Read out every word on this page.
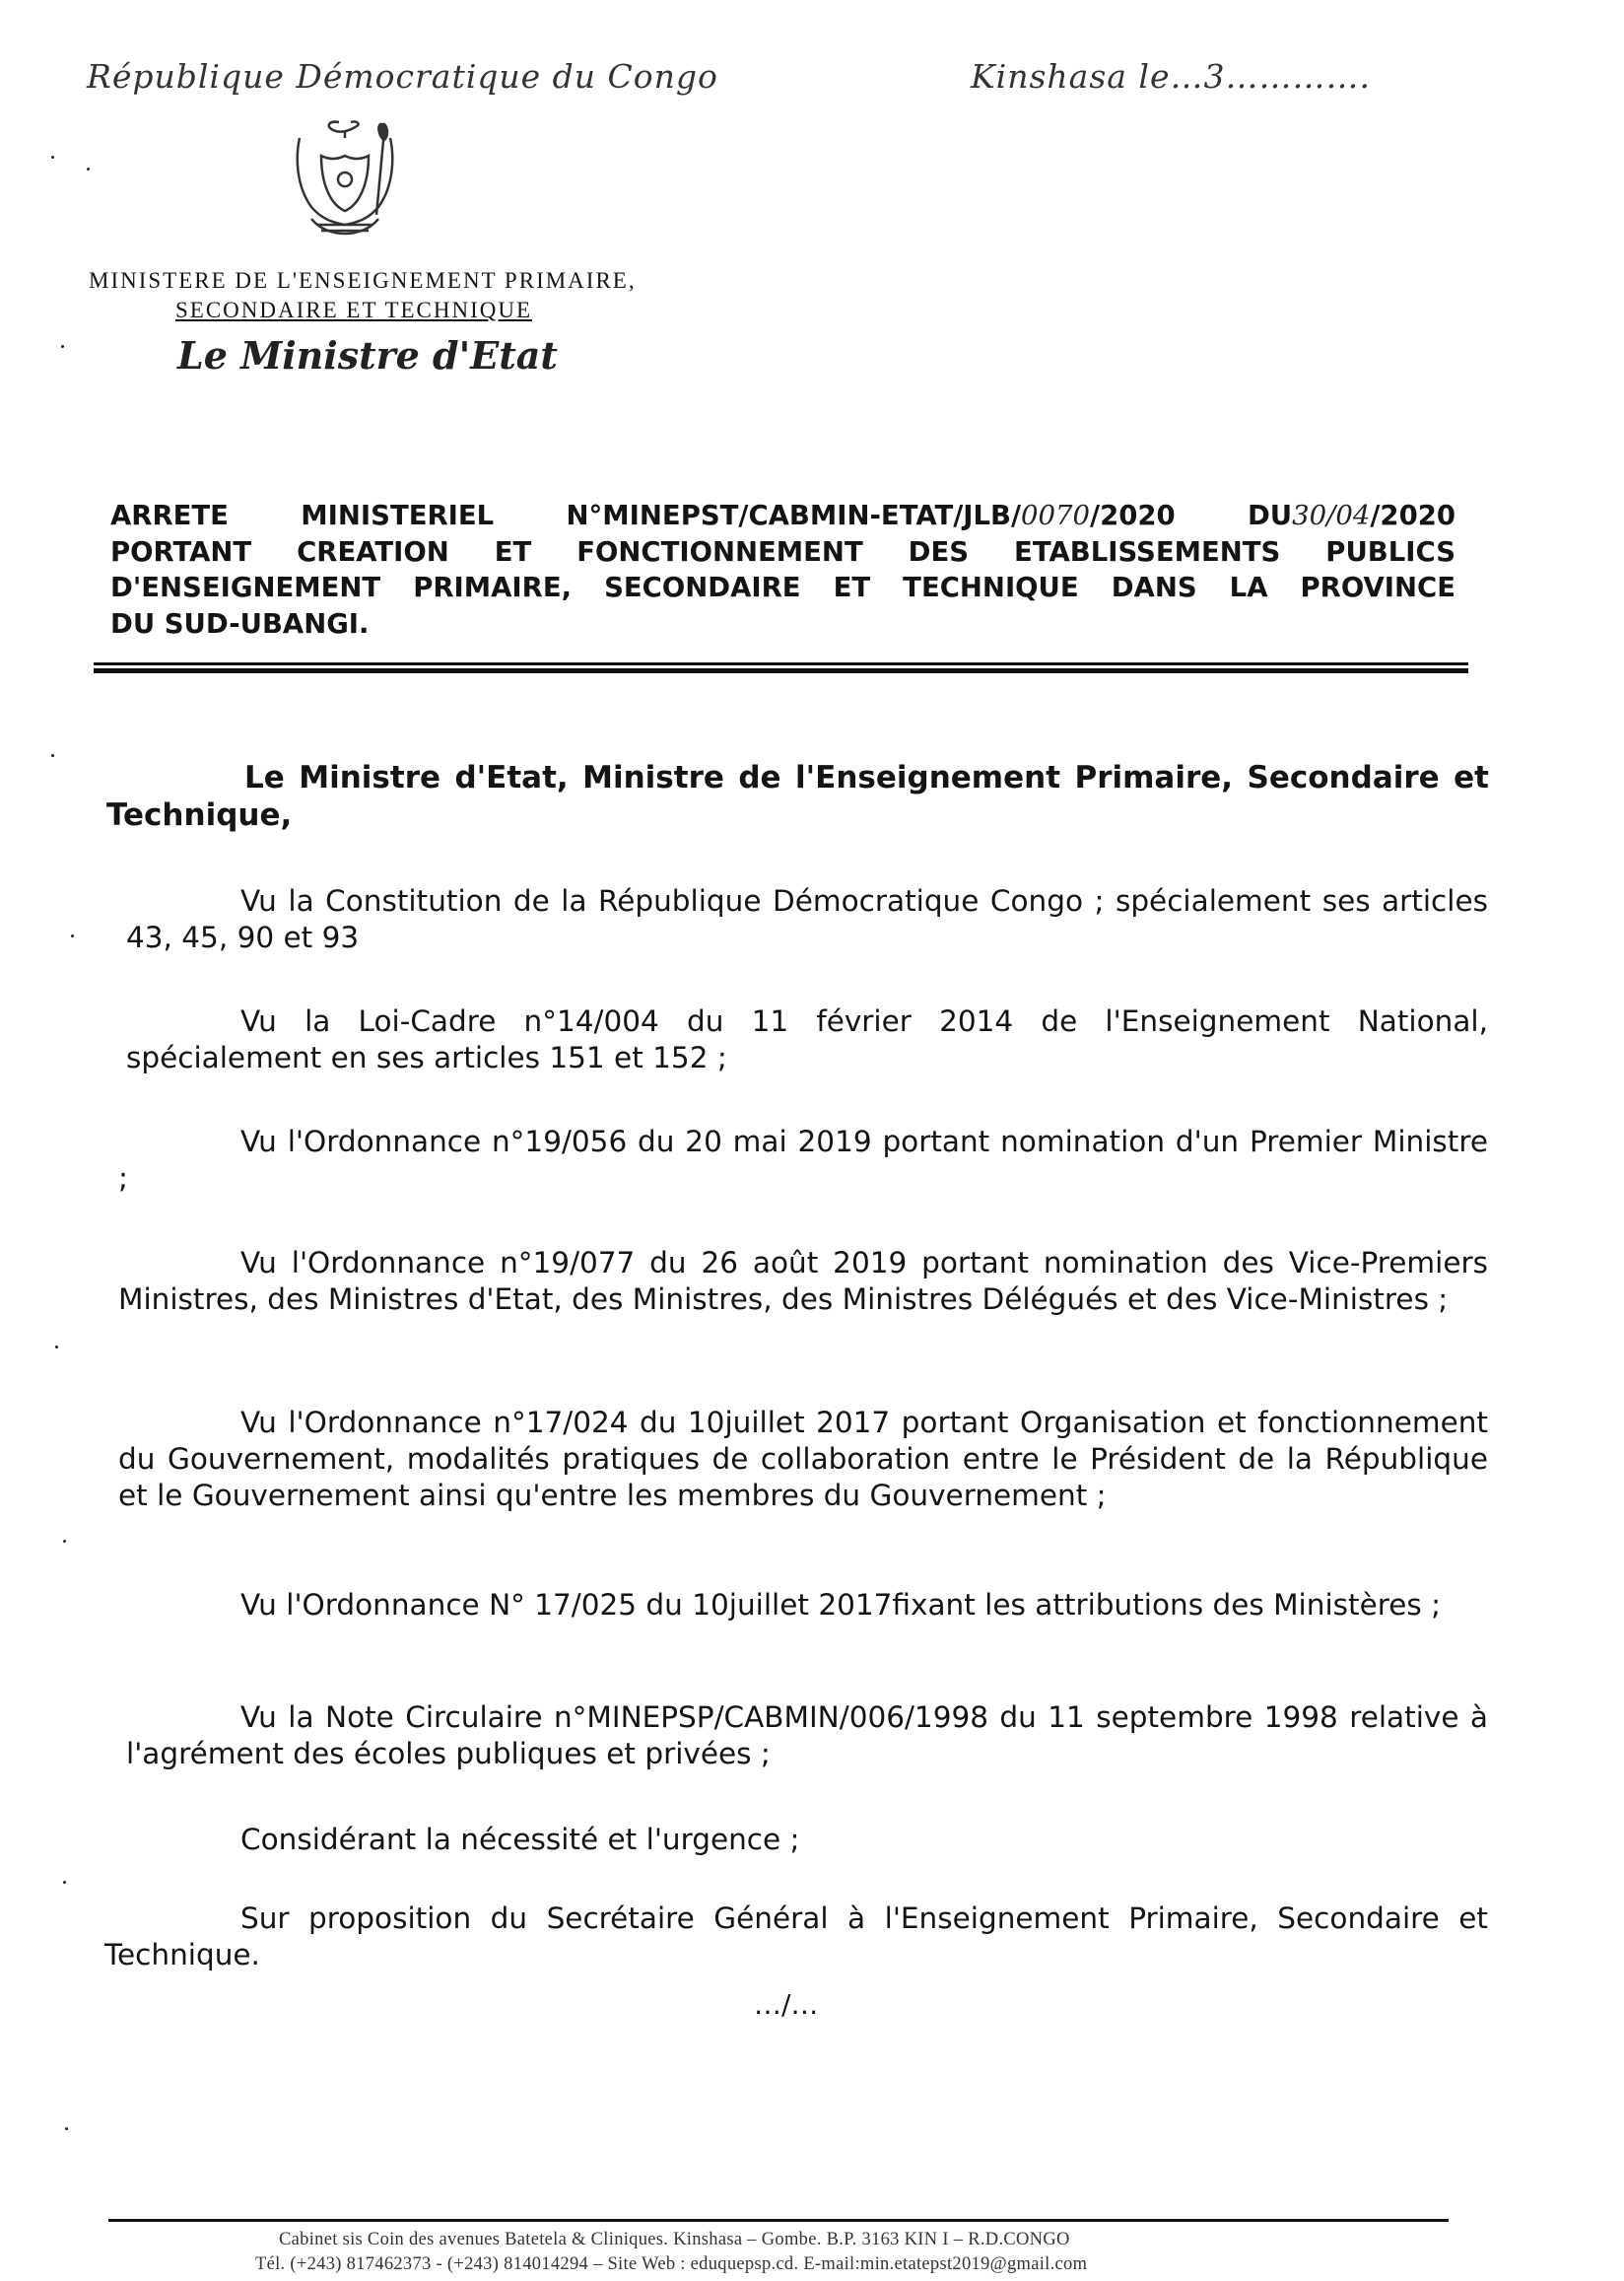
République Démocratique du Congo	Kinshasa le…3………….
MINISTERE DE L'ENSEIGNEMENT PRIMAIRE,
SECONDAIRE ET TECHNIQUE
Le Ministre d'Etat
ARRETE MINISTERIEL N°MINEPST/CABMIN-ETAT/JLB/0070/2020 DU30/04/2020
PORTANT CREATION ET FONCTIONNEMENT DES ETABLISSEMENTS PUBLICS
D'ENSEIGNEMENT PRIMAIRE, SECONDAIRE ET TECHNIQUE DANS LA PROVINCE
DU SUD-UBANGI.
Le Ministre d'Etat, Ministre de l'Enseignement Primaire, Secondaire et Technique,
Vu la Constitution de la République Démocratique Congo ; spécialement ses articles 43, 45, 90 et 93
Vu la Loi-Cadre n°14/004 du 11 février 2014 de l'Enseignement National, spécialement en ses articles 151 et 152 ;
Vu l'Ordonnance n°19/056 du 20 mai 2019 portant nomination d'un Premier Ministre ;
Vu l'Ordonnance n°19/077 du 26 août 2019 portant nomination des Vice-Premiers Ministres, des Ministres d'Etat, des Ministres, des Ministres Délégués et des Vice-Ministres ;
Vu l'Ordonnance n°17/024 du 10juillet 2017 portant Organisation et fonctionnement du Gouvernement, modalités pratiques de collaboration entre le Président de la République et le Gouvernement ainsi qu'entre les membres du Gouvernement ;
Vu l'Ordonnance N° 17/025 du 10juillet 2017fixant les attributions des Ministères ;
Vu la Note Circulaire n°MINEPSP/CABMIN/006/1998 du 11 septembre 1998 relative à l'agrément des écoles publiques et privées ;
Considérant la nécessité et l'urgence ;
Sur proposition du Secrétaire Général à l'Enseignement Primaire, Secondaire et Technique.
…/…
Cabinet sis Coin des avenues Batetela & Cliniques. Kinshasa – Gombe. B.P. 3163 KIN I – R.D.CONGO
Tél. (+243) 817462373 - (+243) 814014294 – Site Web : eduquepsp.cd. E-mail:min.etatepst2019@gmail.com
